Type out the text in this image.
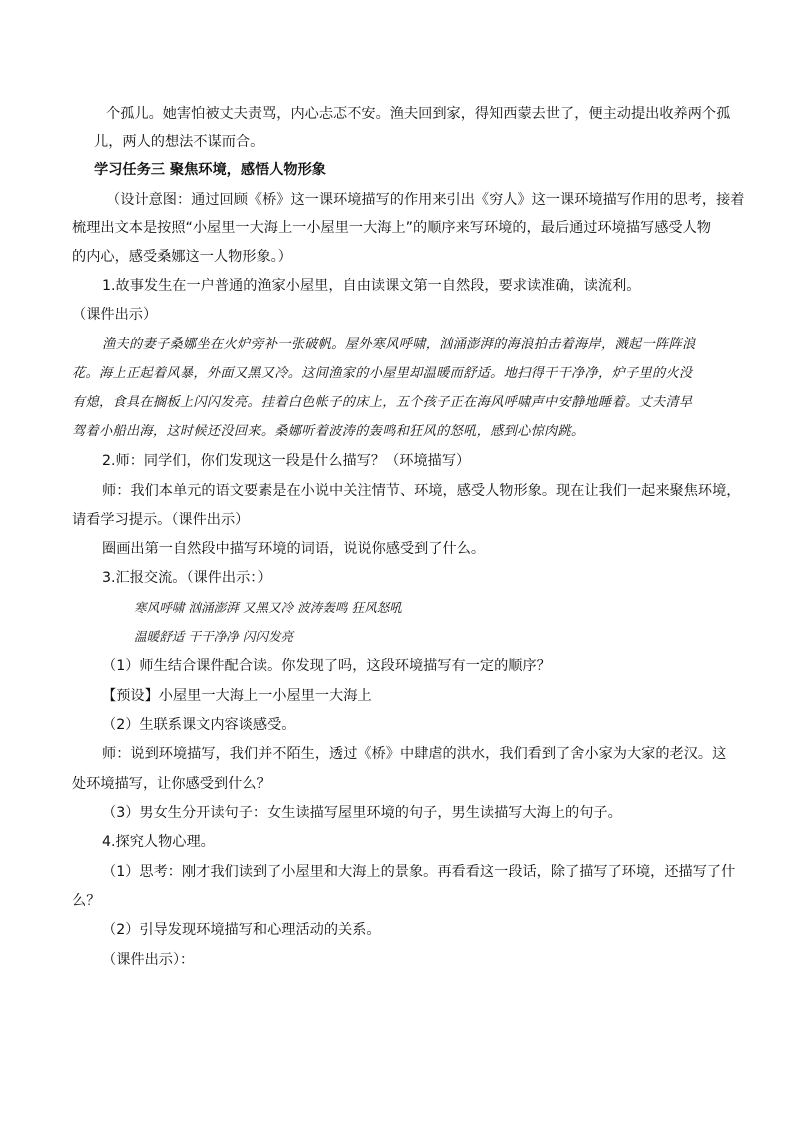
个孤儿。她害怕被丈夫责骂，内心忐忑不安。渔夫回到家，得知西蒙去世了，便主动提出收养两个孤
儿，两人的想法不谋而合。
学习任务三 聚焦环境，感悟人物形象
（设计意图：通过回顾《桥》这一课环境描写的作用来引出《穷人》这一课环境描写作用的思考，接着
梳理出文本是按照“小屋里一大海上一小屋里一大海上”的顺序来写环境的，最后通过环境描写感受人物
的内心，感受桑娜这一人物形象。）
1.故事发生在一户普通的渔家小屋里，自由读课文第一自然段，要求读准确，读流利。
（课件出示）
渔夫的妻子桑娜坐在火炉旁补一张破帆。屋外寒风呼啸，汹涌澎湃的海浪拍击着海岸，溅起一阵阵浪
花。海上正起着风暴，外面又黑又冷。这间渔家的小屋里却温暖而舒适。地扫得干干净净，炉子里的火没
有熄，食具在搁板上闪闪发亮。挂着白色帐子的床上，五个孩子正在海风呼啸声中安静地睡着。丈夫清早
驾着小船出海，这时候还没回来。桑娜听着波涛的轰鸣和狂风的怒吼，感到心惊肉跳。
2.师：同学们，你们发现这一段是什么描写？（环境描写）
师：我们本单元的语文要素是在小说中关注情节、环境，感受人物形象。现在让我们一起来聚焦环境，
请看学习提示。（课件出示）
圈画出第一自然段中描写环境的词语，说说你感受到了什么。
3.汇报交流。（课件出示：）
寒风呼啸 汹涌澎湃 又黑又冷 波涛轰鸣 狂风怒吼
温暖舒适 干干净净 闪闪发亮
（1）师生结合课件配合读。你发现了吗，这段环境描写有一定的顺序？
【预设】小屋里一大海上一小屋里一大海上
（2）生联系课文内容谈感受。
师：说到环境描写，我们并不陌生，透过《桥》中肆虐的洪水，我们看到了舍小家为大家的老汉。这
处环境描写，让你感受到什么？
（3）男女生分开读句子：女生读描写屋里环境的句子，男生读描写大海上的句子。
4.探究人物心理。
（1）思考：刚才我们读到了小屋里和大海上的景象。再看看这一段话，除了描写了环境，还描写了什
么？
（2）引导发现环境描写和心理活动的关系。
（课件出示）：
